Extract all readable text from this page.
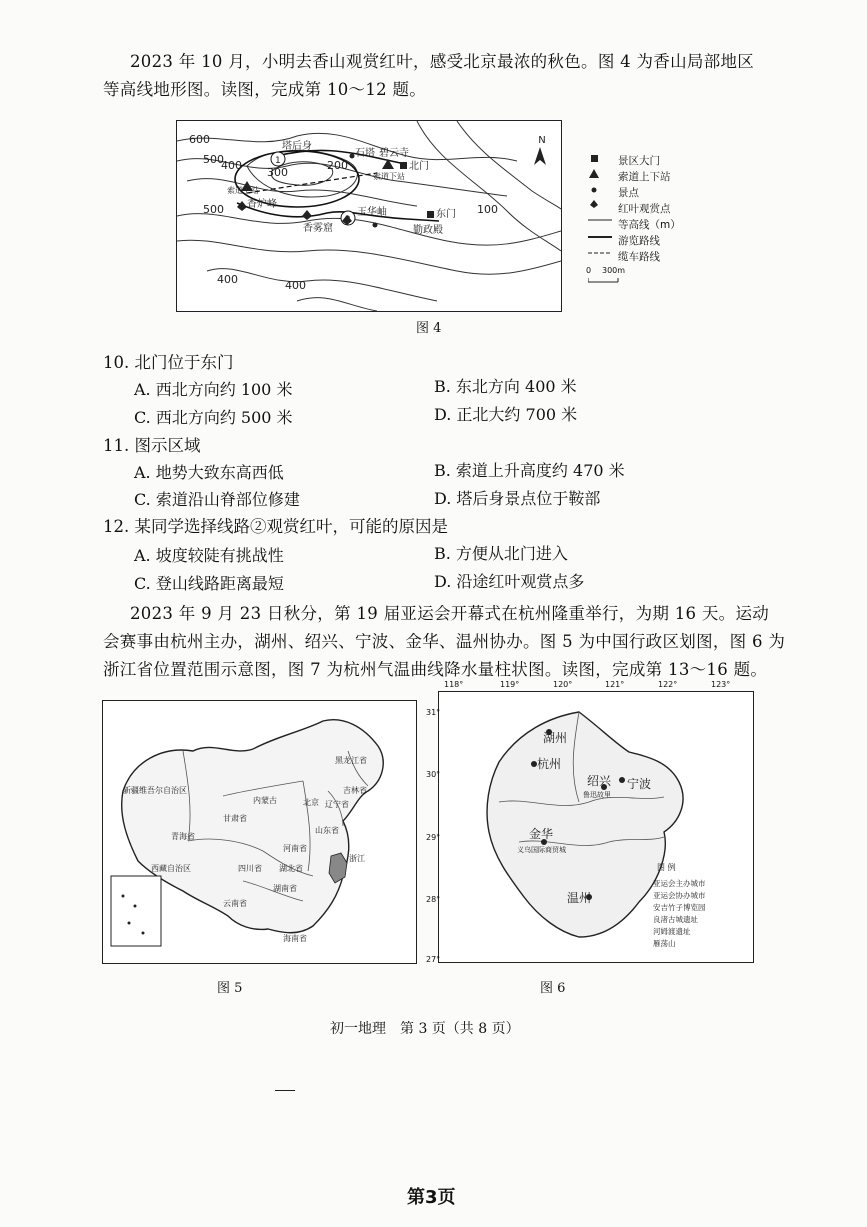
2023 年 10 月，小明去香山观赏红叶，感受北京最浓的秋色。图 4 为香山局部地区
等高线地形图。读图，完成第 10～12 题。
N
600
500
400
300
200
500
400	400
100
塔后身
石塔 碧云寺
北门
索道下站
索道上站
香炉峰
玉华岫	东门
香雾窟	勤政殿
1
2
景区大门
索道上下站
景点
红叶观赏点
等高线（m）
游览路线
缆车路线
0 300m
图 4
10. 北门位于东门
A. 西北方向约 100 米	B. 东北方向 400 米
C. 西北方向约 500 米	D. 正北大约 700 米
11. 图示区域
A. 地势大致东高西低	B. 索道上升高度约 470 米
C. 索道沿山脊部位修建	D. 塔后身景点位于鞍部
12. 某同学选择线路②观赏红叶，可能的原因是
A. 坡度较陡有挑战性	B. 方便从北门进入
C. 登山线路距离最短	D. 沿途红叶观赏点多
2023 年 9 月 23 日秋分，第 19 届亚运会开幕式在杭州隆重举行，为期 16 天。运动
会赛事由杭州主办，湖州、绍兴、宁波、金华、温州协办。图 5 为中国行政区划图，图 6 为
浙江省位置范围示意图，图 7 为杭州气温曲线降水量柱状图。读图，完成第 13～16 题。
黑龙江省
吉林省
辽宁省
内蒙古
新疆维吾尔自治区
青海省
西藏自治区
山东省
河南省
湖北省
湖南省
云南省
海南省
四川省
甘肃省
北京
浙江
图 5
湖州
杭州
绍兴 宁波
金华
温州
鲁迅故里
义乌国际商贸城
图 例
亚运会主办城市
亚运会协办城市
安吉竹子博览园
良渚古城遗址
河姆渡遗址
雁荡山
118°	119°	120°	121°	122°	123°
31°
30°
29°
28°
27°
图 6
初一地理　第 3 页（共 8 页）
第3页
